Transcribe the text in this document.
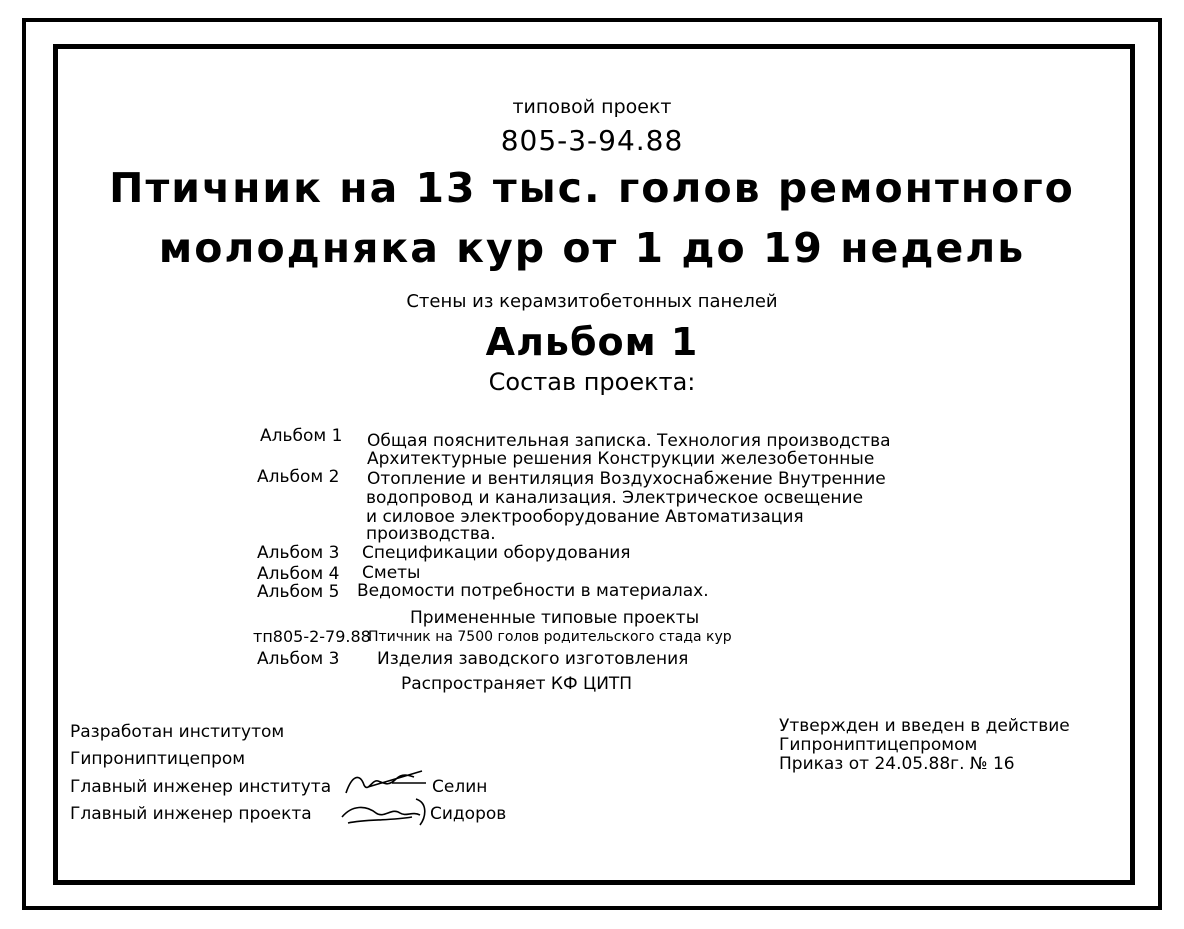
типовой проект
805-3-94.88
Птичник на 13 тыс. голов ремонтного
молодняка кур от 1 до 19 недель
Стены из керамзитобетонных панелей
Альбом 1
Состав проекта:
Альбом 1 Общая пояснительная записка. Технология производства
Архитектурные решения Конструкции железобетонные
Альбом 2 Отопление и вентиляция Воздухоснабжение Внутренние
водопровод и канализация. Электрическое освещение
и силовое электрооборудование Автоматизация
производства.
Альбом 3 Спецификации оборудования
Альбом 4 Сметы
Альбом 5 Ведомости потребности в материалах.
Примененные типовые проекты
тп805-2-79.88
Птичник на 7500 голов родительского стада кур
Альбом 3 Изделия заводского изготовления
Распространяет КФ ЦИТП
Разработан институтом
Гипрониптицепром
Главный инженер института	Селин
Главный инженер проекта	Сидоров
Утвержден и введен в действие
Гипрониптицепромом
Приказ от 24.05.88г. № 16
